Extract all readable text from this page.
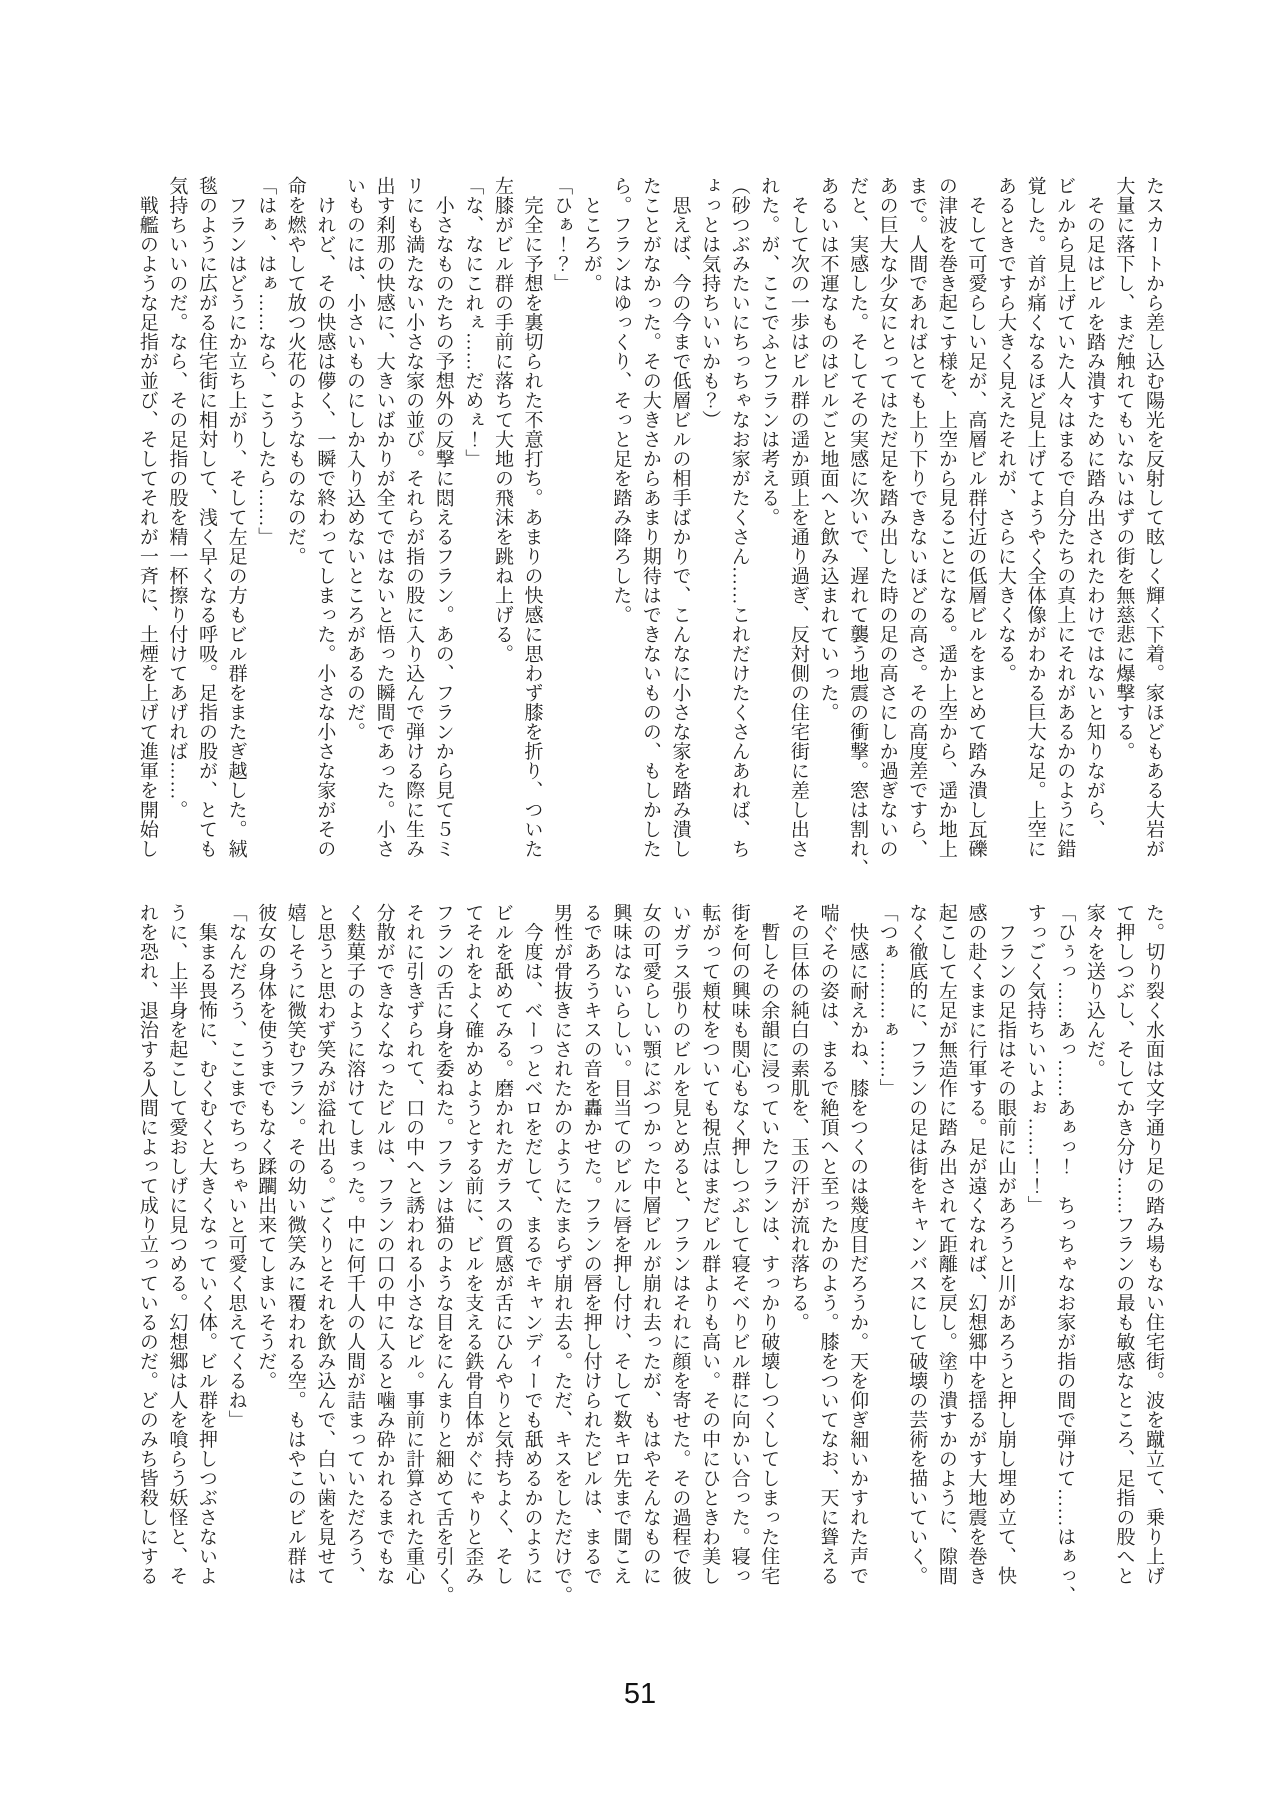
たスカートから差し込む陽光を反射して眩しく輝く下着。家ほどもある大岩が
大量に落下し、まだ触れてもいないはずの街を無慈悲に爆撃する。
　その足はビルを踏み潰すために踏み出されたわけではないと知りながら、
ビルから見上げていた人々はまるで自分たちの真上にそれがあるかのように錯
覚した。首が痛くなるほど見上げてようやく全体像がわかる巨大な足。上空に
あるときですら大きく見えたそれが、さらに大きくなる。
　そして可愛らしい足が、高層ビル群付近の低層ビルをまとめて踏み潰し瓦礫
の津波を巻き起こす様を、上空から見ることになる。遥か上空から、遥か地上
まで。人間であればとても上り下りできないほどの高さ。その高度差ですら、
あの巨大な少女にとってはただ足を踏み出した時の足の高さにしか過ぎないの
だと、実感した。そしてその実感に次いで、遅れて襲う地震の衝撃。窓は割れ、
あるいは不運なものはビルごと地面へと飲み込まれていった。
　そして次の一歩はビル群の遥か頭上を通り過ぎ、反対側の住宅街に差し出さ
れた。が、ここでふとフランは考える。
（砂つぶみたいにちっちゃなお家がたくさん……これだけたくさんあれば、ち
ょっとは気持ちいいかも？）
　思えば、今の今まで低層ビルの相手ばかりで、こんなに小さな家を踏み潰し
たことがなかった。その大きさからあまり期待はできないものの、もしかした
ら。フランはゆっくり、そっと足を踏み降ろした。
　ところが。
「ひぁ！？」
　完全に予想を裏切られた不意打ち。あまりの快感に思わず膝を折り、ついた
左膝がビル群の手前に落ちて大地の飛沫を跳ね上げる。
「な、なにこれぇ……だめぇ！」
　小さなものたちの予想外の反撃に悶えるフラン。あの、フランから見て５ミ
リにも満たない小さな家の並び。それらが指の股に入り込んで弾ける際に生み
出す刹那の快感に、大きいばかりが全てではないと悟った瞬間であった。小さ
いものには、小さいものにしか入り込めないところがあるのだ。
　けれど、その快感は儚く、一瞬で終わってしまった。小さな小さな家がその
命を燃やして放つ火花のようなものなのだ。
「はぁ、はぁ……なら、こうしたら……」
　フランはどうにか立ち上がり、そして左足の方もビル群をまたぎ越した。絨
毯のように広がる住宅街に相対して、浅く早くなる呼吸。足指の股が、とても
気持ちいいのだ。なら、その足指の股を精一杯擦り付けてあげれば……。
　戦艦のような足指が並び、そしてそれが一斉に、土煙を上げて進軍を開始し
た。切り裂く水面は文字通り足の踏み場もない住宅街。波を蹴立て、乗り上げ
て押しつぶし、そしてかき分け……フランの最も敏感なところ、足指の股へと
家々を送り込んだ。
「ひぅっ……あっ……あぁっ！　ちっちゃなお家が指の間で弾けて……はぁっ、
すっごく気持ちいいよぉ……！！」
　フランの足指はその眼前に山があろうと川があろうと押し崩し埋め立て、快
感の赴くままに行軍する。足が遠くなれば、幻想郷中を揺るがす大地震を巻き
起こして左足が無造作に踏み出されて距離を戻し。塗り潰すかのように、隙間
なく徹底的に、フランの足は街をキャンバスにして破壊の芸術を描いていく。
「つぁ………ぁ……」
　快感に耐えかね、膝をつくのは幾度目だろうか。天を仰ぎ細いかすれた声で
喘ぐその姿は、まるで絶頂へと至ったかのよう。膝をついてなお、天に聳える
その巨体の純白の素肌を、玉の汗が流れ落ちる。
　暫しその余韻に浸っていたフランは、すっかり破壊しつくしてしまった住宅
街を何の興味も関心もなく押しつぶして寝そべりビル群に向かい合った。寝っ
転がって頬杖をついても視点はまだビル群よりも高い。その中にひときわ美し
いガラス張りのビルを見とめると、フランはそれに顔を寄せた。その過程で彼
女の可愛らしい顎にぶつかった中層ビルが崩れ去ったが、もはやそんなものに
興味はないらしい。目当てのビルに唇を押し付け、そして数キロ先まで聞こえ
るであろうキスの音を轟かせた。フランの唇を押し付けられたビルは、まるで
男性が骨抜きにされたかのようにたまらず崩れ去る。ただ、キスをしただけで。
　今度は、ベーっとベロをだして、まるでキャンディーでも舐めるかのように
ビルを舐めてみる。磨かれたガラスの質感が舌にひんやりと気持ちよく、そし
てそれをよく確かめようとする前に、ビルを支える鉄骨自体がぐにゃりと歪み
フランの舌に身を委ねた。フランは猫のような目をにんまりと細めて舌を引く。
それに引きずられて、口の中へと誘われる小さなビル。事前に計算された重心
分散ができなくなったビルは、フランの口の中に入ると噛み砕かれるまでもな
く麩菓子のように溶けてしまった。中に何千人の人間が詰まっていただろう、
と思うと思わず笑みが溢れ出る。ごくりとそれを飲み込んで、白い歯を見せて
嬉しそうに微笑むフラン。その幼い微笑みに覆われる空。もはやこのビル群は
彼女の身体を使うまでもなく蹂躙出来てしまいそうだ。
「なんだろう、ここまでちっちゃいと可愛く思えてくるね」
　集まる畏怖に、むくむくと大きくなっていく体。ビル群を押しつぶさないよ
うに、上半身を起こして愛おしげに見つめる。幻想郷は人を喰らう妖怪と、そ
れを恐れ、退治する人間によって成り立っているのだ。どのみち皆殺しにする
51
